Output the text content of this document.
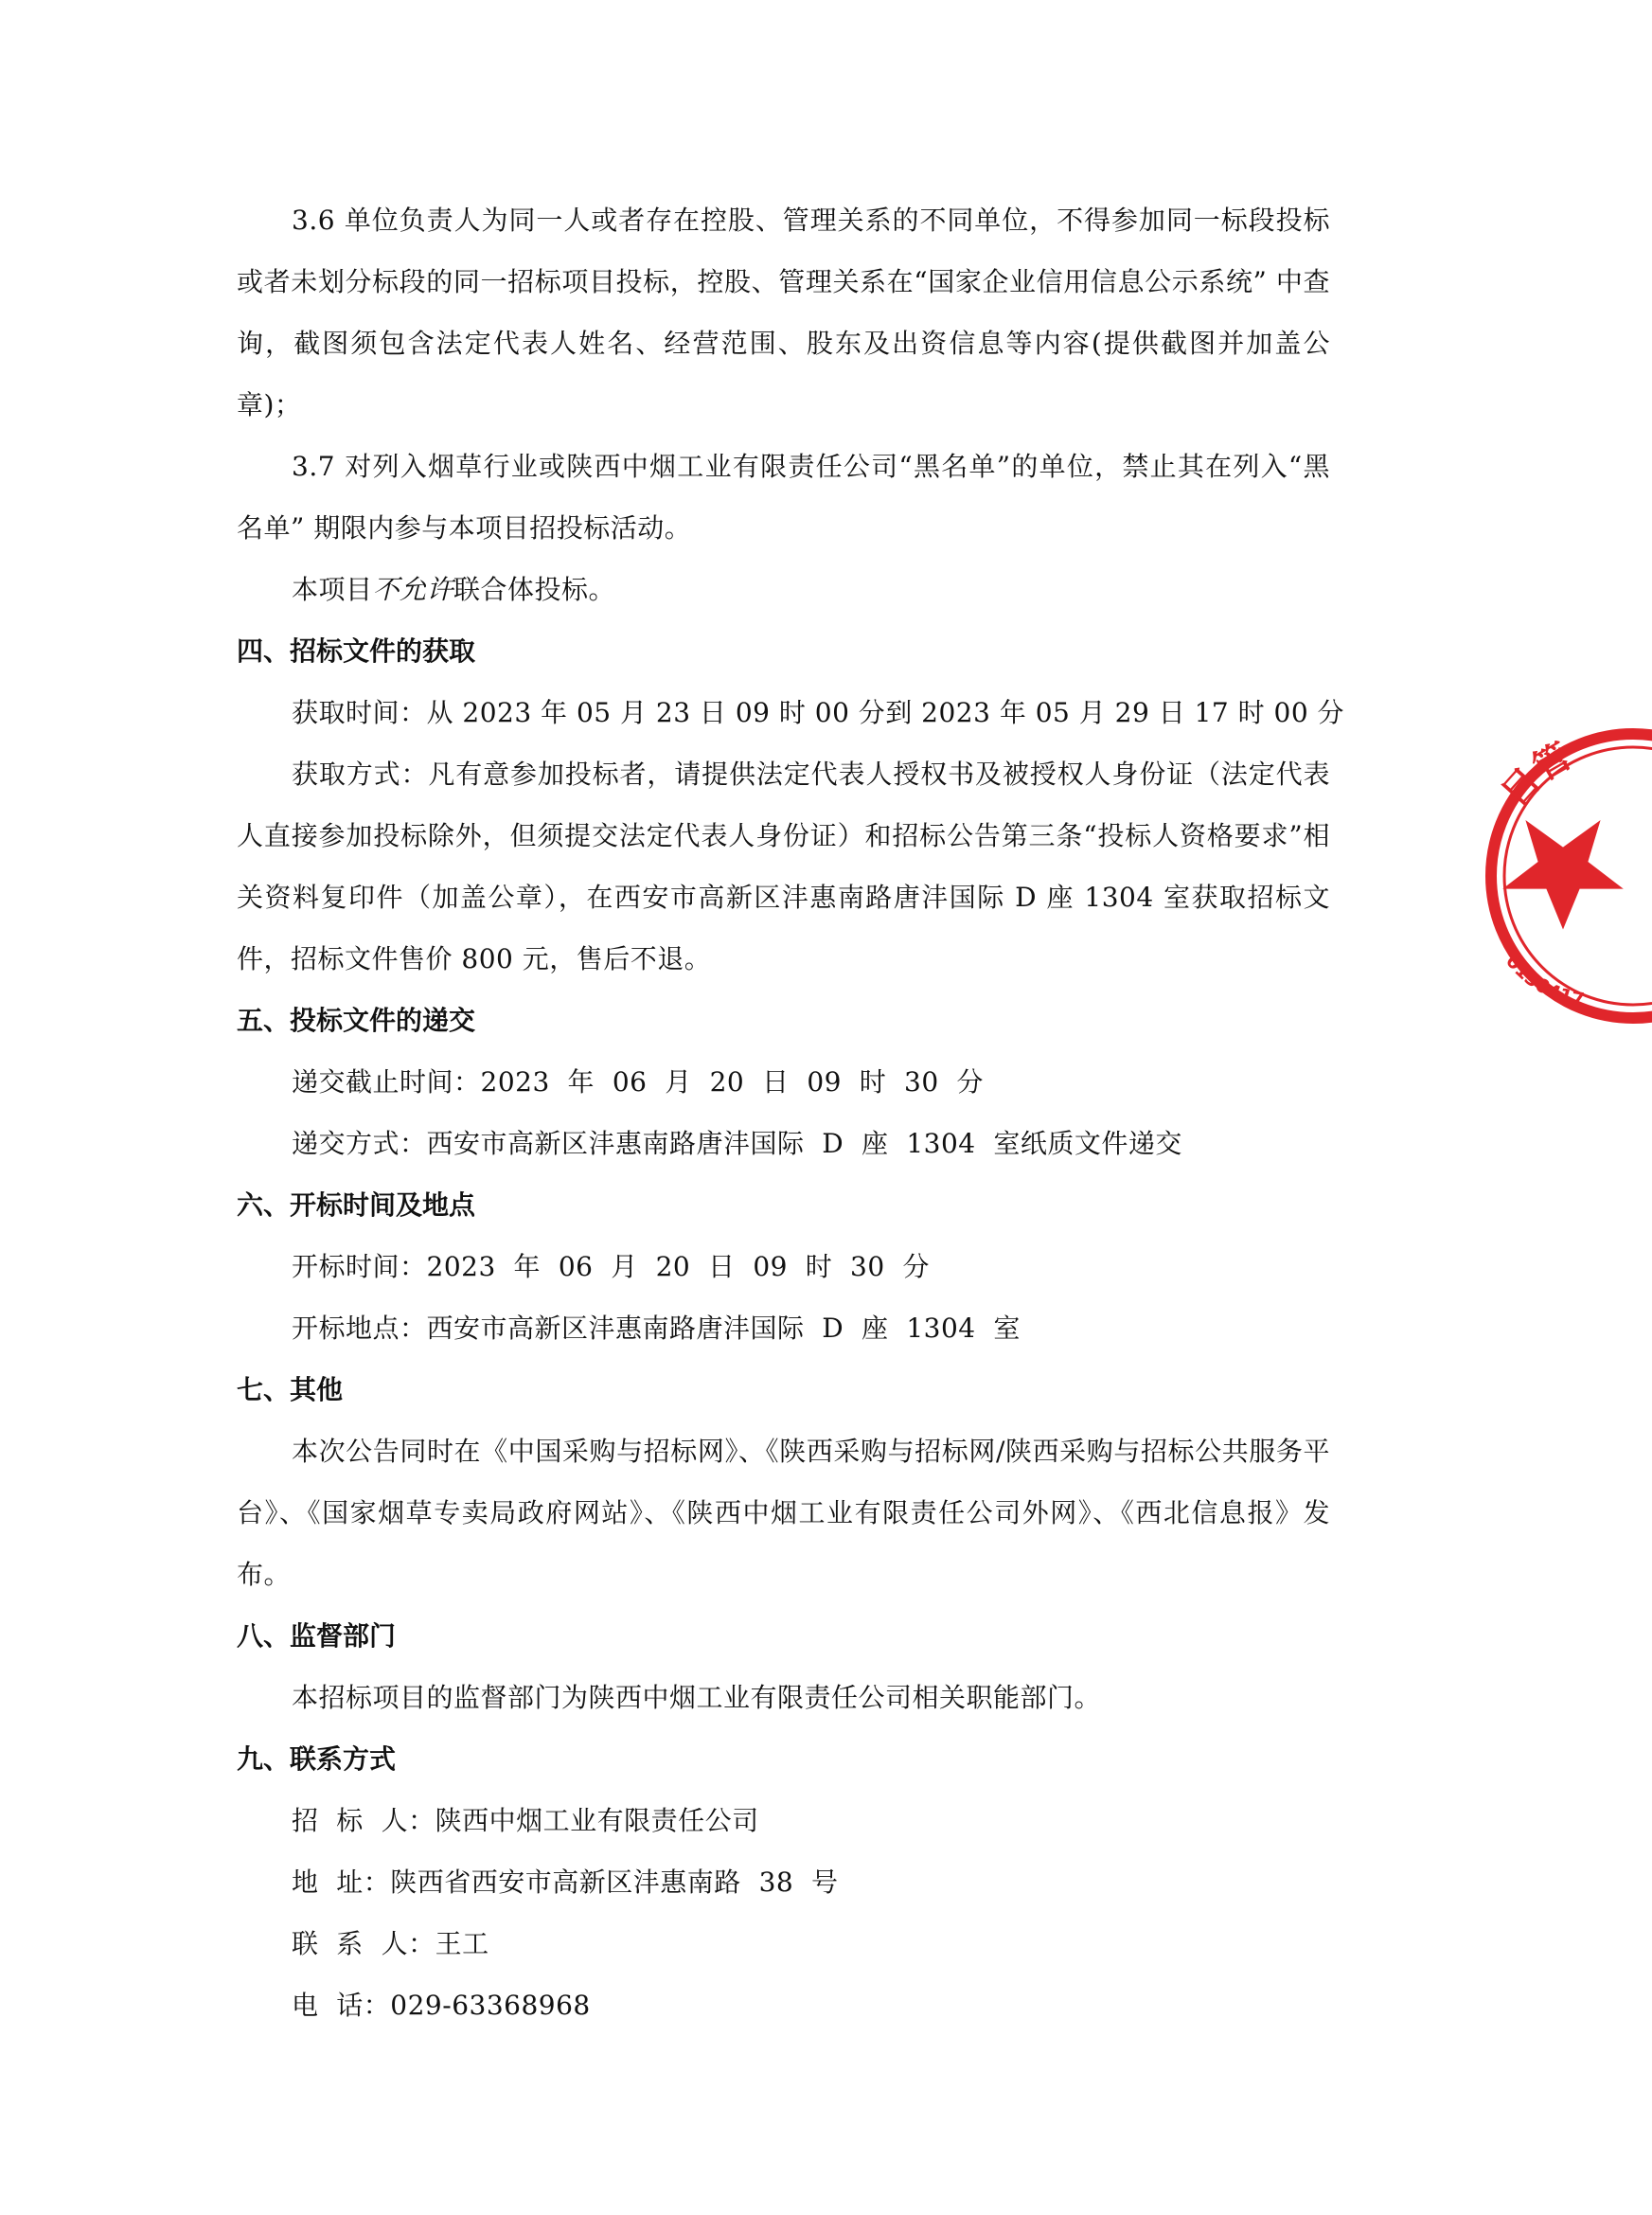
3.6 单位负责人为同一人或者存在控股、管理关系的不同单位，不得参加同一标段投标或者未划分标段的同一招标项目投标，控股、管理关系在“国家企业信用信息公示系统” 中查询，截图须包含法定代表人姓名、经营范围、股东及出资信息等内容(提供截图并加盖公章)；

3.7 对列入烟草行业或陕西中烟工业有限责任公司“黑名单”的单位，禁止其在列入“黑名单” 期限内参与本项目招投标活动。

本项目不允许联合体投标。

四、招标文件的获取

获取时间：从 2023 年 05 月 23 日 09 时 00 分到 2023 年 05 月 29 日 17 时 00 分

获取方式：凡有意参加投标者，请提供法定代表人授权书及被授权人身份证（法定代表人直接参加投标除外，但须提交法定代表人身份证）和招标公告第三条“投标人资格要求”相关资料复印件（加盖公章），在西安市高新区沣惠南路唐沣国际 D 座 1304 室获取招标文件，招标文件售价 800 元，售后不退。

五、投标文件的递交

递交截止时间：2023  年  06  月  20  日  09  时  30  分

递交方式：西安市高新区沣惠南路唐沣国际  D  座  1304  室纸质文件递交

六、开标时间及地点

开标时间：2023  年  06  月  20  日  09  时  30  分

开标地点：西安市高新区沣惠南路唐沣国际  D  座  1304  室

七、其他

本次公告同时在《中国采购与招标网》、《陕西采购与招标网/陕西采购与招标公共服务平台》、《国家烟草专卖局政府网站》、《陕西中烟工业有限责任公司外网》、《西北信息报》发布。

八、监督部门

本招标项目的监督部门为陕西中烟工业有限责任公司相关职能部门。

九、联系方式

招  标  人：陕西中烟工业有限责任公司

地  址：陕西省西安市高新区沣惠南路  38  号

联  系  人：王工

电  话：029-63368968

目管
0130417
